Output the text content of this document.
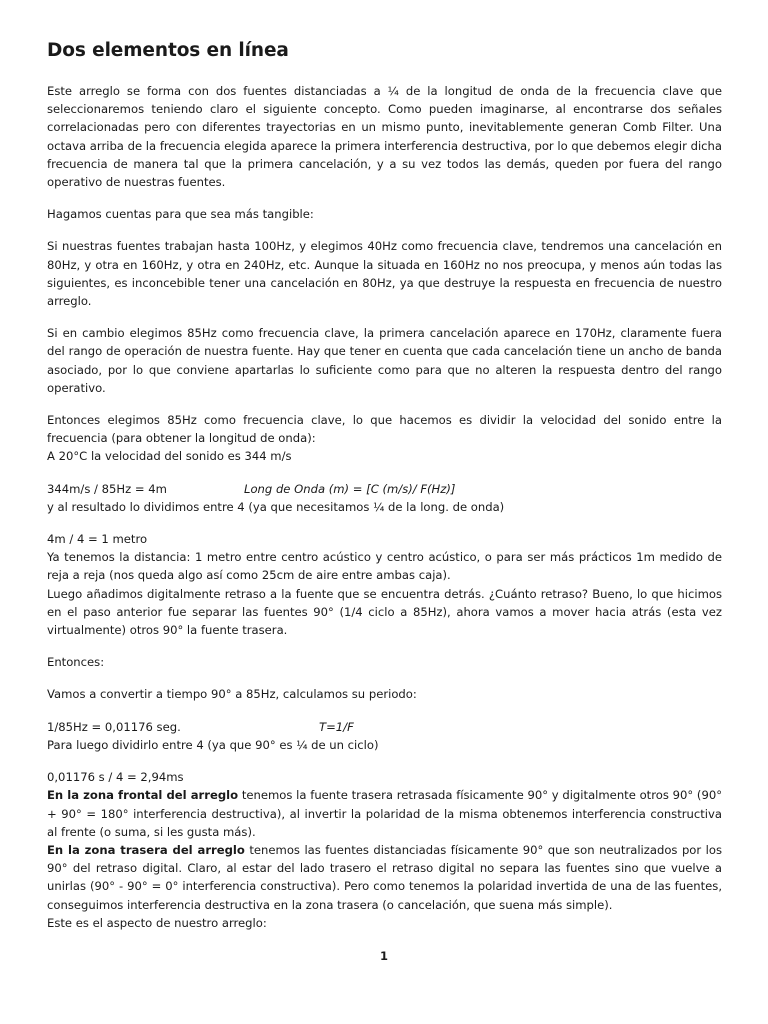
Dos elementos en línea

Este arreglo se forma con dos fuentes distanciadas a ¼ de la longitud de onda de la frecuencia clave que seleccionaremos teniendo claro el siguiente concepto. Como pueden imaginarse, al encontrarse dos señales correlacionadas pero con diferentes trayectorias en un mismo punto, inevitablemente generan Comb Filter. Una octava arriba de la frecuencia elegida aparece la primera interferencia destructiva, por lo que debemos elegir dicha frecuencia de manera tal que la primera cancelación, y a su vez todos las demás, queden por fuera del rango operativo de nuestras fuentes.

Hagamos cuentas para que sea más tangible:

Si nuestras fuentes trabajan hasta 100Hz, y elegimos 40Hz como frecuencia clave, tendremos una cancelación en 80Hz, y otra en 160Hz, y otra en 240Hz, etc. Aunque la situada en 160Hz no nos preocupa, y menos aún todas las siguientes, es inconcebible tener una cancelación en 80Hz, ya que destruye la respuesta en frecuencia de nuestro arreglo.

Si en cambio elegimos 85Hz como frecuencia clave, la primera cancelación aparece en 170Hz, claramente fuera del rango de operación de nuestra fuente. Hay que tener en cuenta que cada cancelación tiene un ancho de banda asociado, por lo que conviene apartarlas lo suficiente como para que no alteren la respuesta dentro del rango operativo.

Entonces elegimos 85Hz como frecuencia clave, lo que hacemos es dividir la velocidad del sonido entre la frecuencia (para obtener la longitud de onda):

A 20°C la velocidad del sonido es 344 m/s

344m/s / 85Hz = 4m	Long de Onda (m) = [C (m/s)/ F(Hz)]

y al resultado lo dividimos entre 4 (ya que necesitamos ¼ de la long. de onda)

4m / 4 = 1 metro

Ya tenemos la distancia: 1 metro entre centro acústico y centro acústico, o para ser más prácticos 1m medido de reja a reja (nos queda algo así como 25cm de aire entre ambas caja).

Luego añadimos digitalmente retraso a la fuente que se encuentra detrás. ¿Cuánto retraso? Bueno, lo que hicimos en el paso anterior fue separar las fuentes 90° (1/4 ciclo a 85Hz), ahora vamos a mover hacia atrás (esta vez virtualmente) otros 90° la fuente trasera.

Entonces:

Vamos a convertir a tiempo 90° a 85Hz, calculamos su periodo:

1/85Hz = 0,01176 seg.	T=1/F

Para luego dividirlo entre 4 (ya que 90° es ¼ de un ciclo)

0,01176 s / 4 = 2,94ms

En la zona frontal del arreglo tenemos la fuente trasera retrasada físicamente 90° y digitalmente otros 90° (90° + 90° = 180° interferencia destructiva), al invertir la polaridad de la misma obtenemos interferencia constructiva al frente (o suma, si les gusta más).

En la zona trasera del arreglo tenemos las fuentes distanciadas físicamente 90° que son neutralizados por los 90° del retraso digital. Claro, al estar del lado trasero el retraso digital no separa las fuentes sino que vuelve a unirlas (90° - 90° = 0° interferencia constructiva). Pero como tenemos la polaridad invertida de una de las fuentes, conseguimos interferencia destructiva en la zona trasera (o cancelación, que suena más simple).

Este es el aspecto de nuestro arreglo:

1
